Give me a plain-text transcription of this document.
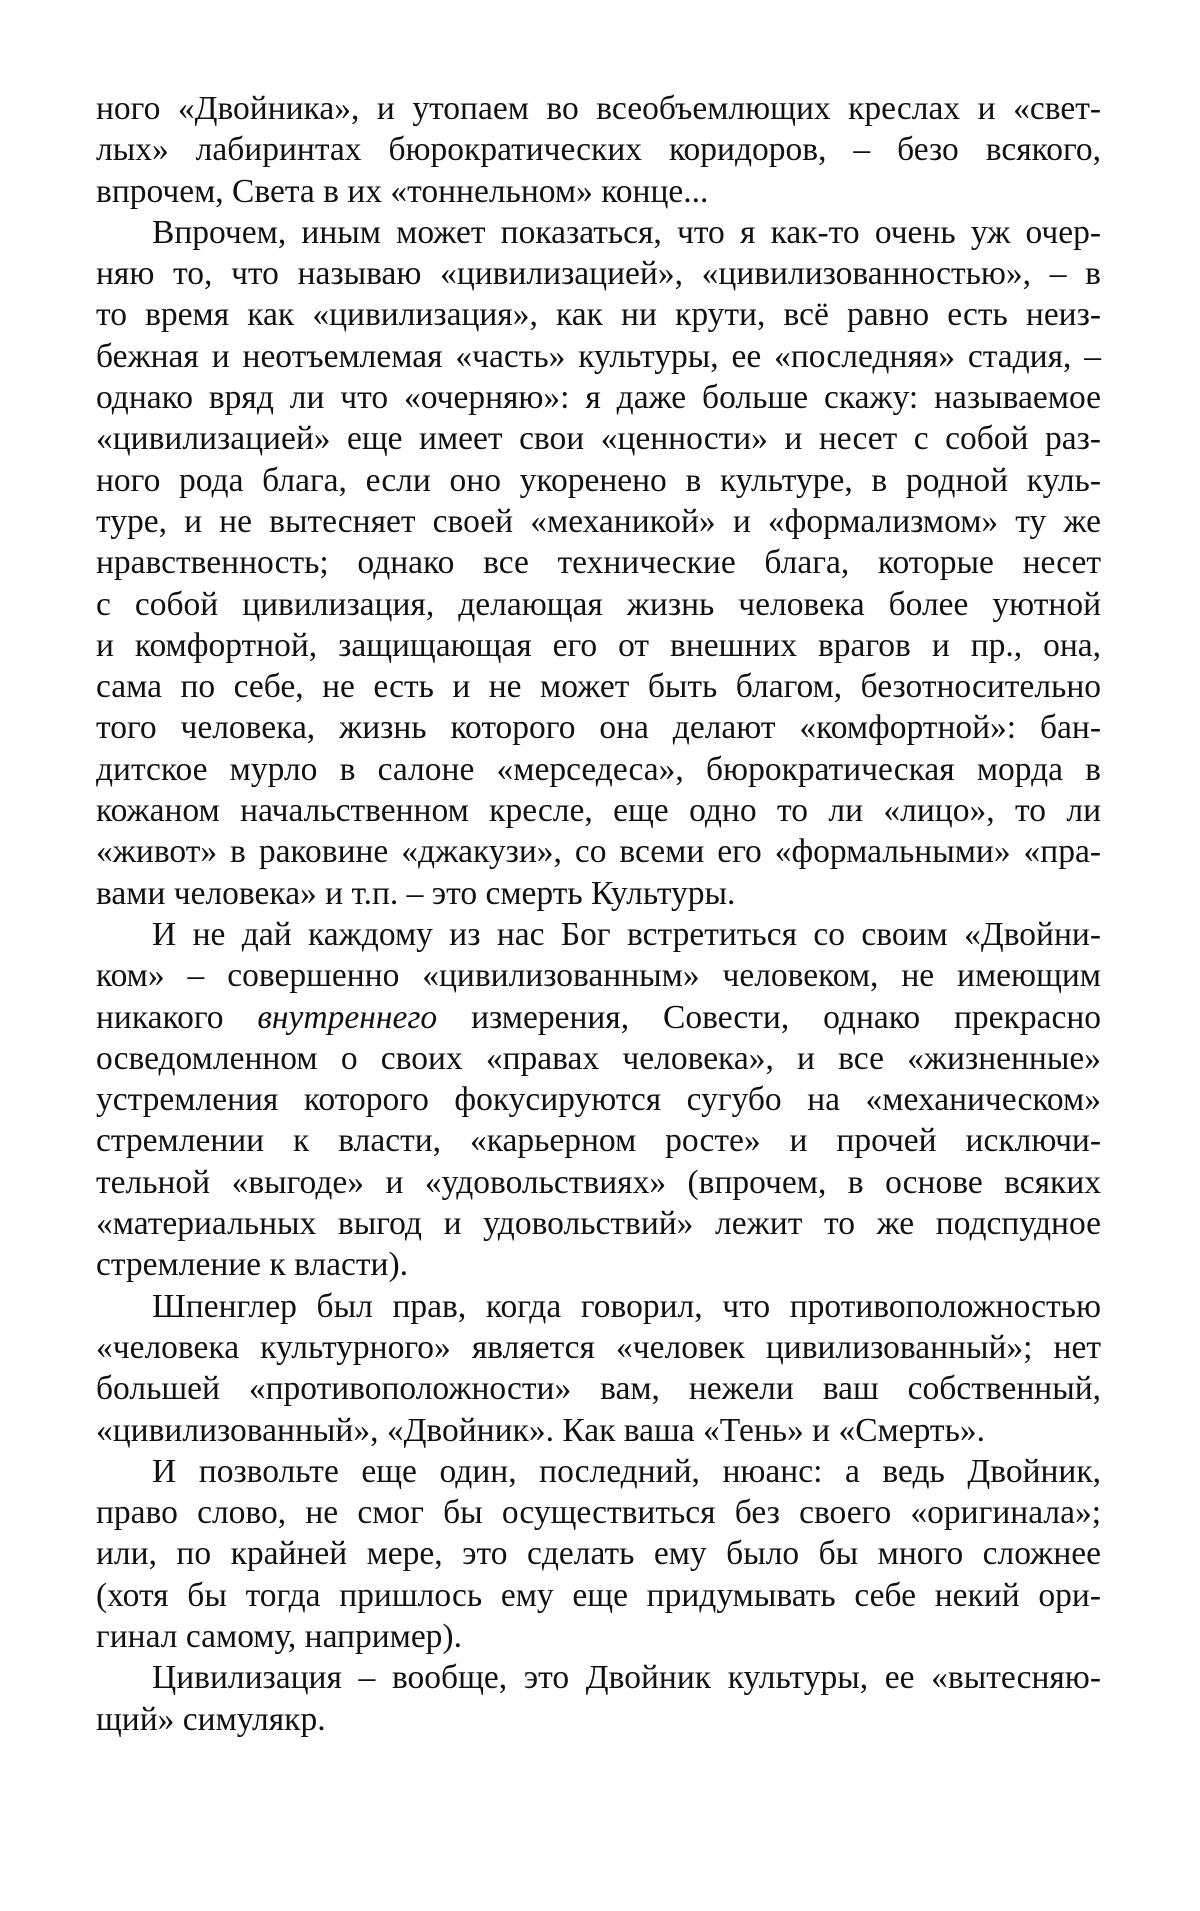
ного «Двойника», и утопаем во всеобъемлющих креслах и «свет-
лых» лабиринтах бюрократических коридоров, – безо всякого,
впрочем, Света в их «тоннельном» конце...
Впрочем, иным может показаться, что я как-то очень уж очер-
няю то, что называю «цивилизацией», «цивилизованностью», – в
то время как «цивилизация», как ни крути, всё равно есть неиз-
бежная и неотъемлемая «часть» культуры, ее «последняя» стадия, –
однако вряд ли что «очерняю»: я даже больше скажу: называемое
«цивилизацией» еще имеет свои «ценности» и несет с собой раз-
ного рода блага, если оно укоренено в культуре, в родной куль-
туре, и не вытесняет своей «механикой» и «формализмом» ту же
нравственность; однако все технические блага, которые несет
с собой цивилизация, делающая жизнь человека более уютной
и комфортной, защищающая его от внешних врагов и пр., она,
сама по себе, не есть и не может быть благом, безотносительно
того человека, жизнь которого она делают «комфортной»: бан-
дитское мурло в салоне «мерседеса», бюрократическая морда в
кожаном начальственном кресле, еще одно то ли «лицо», то ли
«живот» в раковине «джакузи», со всеми его «формальными» «пра-
вами человека» и т.п. – это смерть Культуры.
И не дай каждому из нас Бог встретиться со своим «Двойни-
ком» – совершенно «цивилизованным» человеком, не имеющим
никакого внутреннего измерения, Совести, однако прекрасно
осведомленном о своих «правах человека», и все «жизненные»
устремления которого фокусируются сугубо на «механическом»
стремлении к власти, «карьерном росте» и прочей исключи-
тельной «выгоде» и «удовольствиях» (впрочем, в основе всяких
«материальных выгод и удовольствий» лежит то же подспудное
стремление к власти).
Шпенглер был прав, когда говорил, что противоположностью
«человека культурного» является «человек цивилизованный»; нет
большей «противоположности» вам, нежели ваш собственный,
«цивилизованный», «Двойник». Как ваша «Тень» и «Смерть».
И позвольте еще один, последний, нюанс: а ведь Двойник,
право слово, не смог бы осуществиться без своего «оригинала»;
или, по крайней мере, это сделать ему было бы много сложнее
(хотя бы тогда пришлось ему еще придумывать себе некий ори-
гинал самому, например).
Цивилизация – вообще, это Двойник культуры, ее «вытесняю-
щий» симулякр.
